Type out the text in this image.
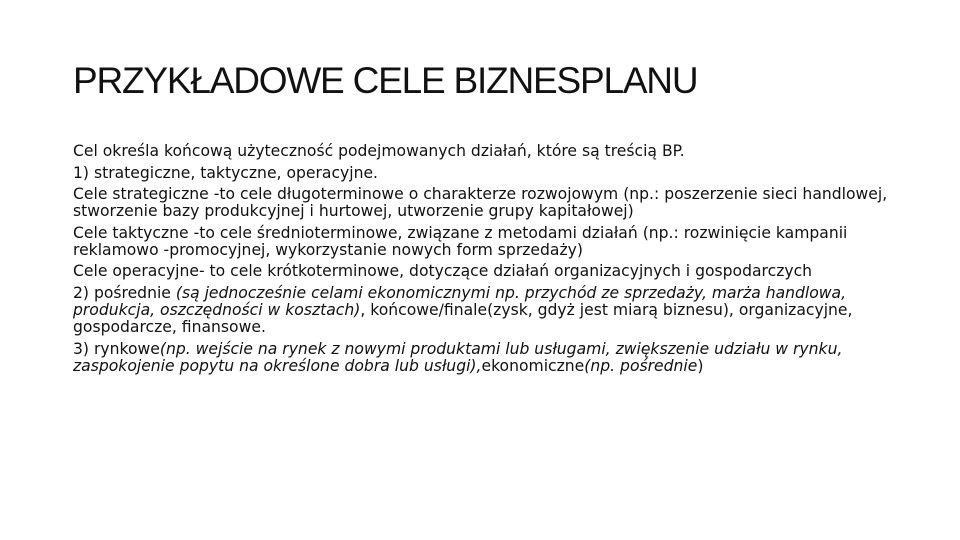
PRZYKŁADOWE CELE BIZNESPLANU

Cel określa końcową użyteczność podejmowanych działań, które są treścią BP.

1) strategiczne, taktyczne, operacyjne.

Cele strategiczne -to cele długoterminowe o charakterze rozwojowym (np.: poszerzenie sieci handlowej, stworzenie bazy produkcyjnej i hurtowej, utworzenie grupy kapitałowej)

Cele taktyczne -to cele średnioterminowe, związane z metodami działań (np.: rozwinięcie kampanii reklamowo -promocyjnej, wykorzystanie nowych form sprzedaży)

Cele operacyjne- to cele krótkoterminowe, dotyczące działań organizacyjnych i gospodarczych

2) pośrednie (są jednocześnie celami ekonomicznymi np. przychód ze sprzedaży, marża handlowa, produkcja, oszczędności w kosztach), końcowe/finale(zysk, gdyż jest miarą biznesu), organizacyjne, gospodarcze, finansowe.

3) rynkowe(np. wejście na rynek z nowymi produktami lub usługami, zwiększenie udziału w rynku, zaspokojenie popytu na określone dobra lub usługi),ekonomiczne(np. pośrednie)
